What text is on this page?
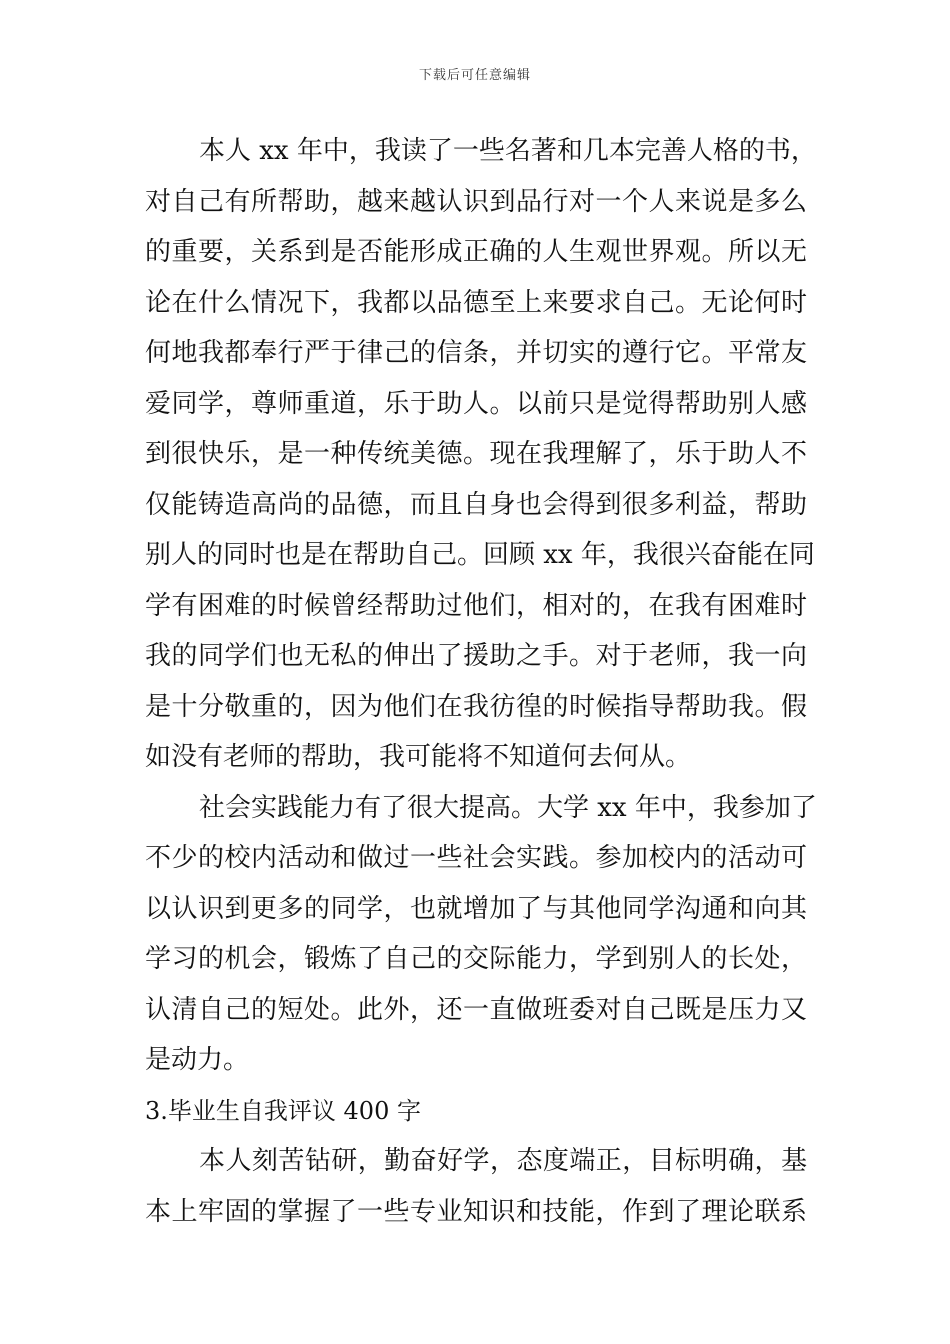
下载后可任意编辑
本人 xx 年中，我读了一些名著和几本完善人格的书，
对自己有所帮助，越来越认识到品行对一个人来说是多么
的重要，关系到是否能形成正确的人生观世界观。所以无
论在什么情况下，我都以品德至上来要求自己。无论何时
何地我都奉行严于律己的信条，并切实的遵行它。平常友
爱同学，尊师重道，乐于助人。以前只是觉得帮助别人感
到很快乐，是一种传统美德。现在我理解了，乐于助人不
仅能铸造高尚的品德，而且自身也会得到很多利益，帮助
别人的同时也是在帮助自己。回顾 xx 年，我很兴奋能在同
学有困难的时候曾经帮助过他们，相对的，在我有困难时
我的同学们也无私的伸出了援助之手。对于老师，我一向
是十分敬重的，因为他们在我彷徨的时候指导帮助我。假
如没有老师的帮助，我可能将不知道何去何从。
社会实践能力有了很大提高。大学 xx 年中，我参加了
不少的校内活动和做过一些社会实践。参加校内的活动可
以认识到更多的同学，也就增加了与其他同学沟通和向其
学习的机会，锻炼了自己的交际能力，学到别人的长处，
认清自己的短处。此外，还一直做班委对自己既是压力又
是动力。
3.毕业生自我评议 400 字
本人刻苦钻研，勤奋好学，态度端正，目标明确，基
本上牢固的掌握了一些专业知识和技能，作到了理论联系
